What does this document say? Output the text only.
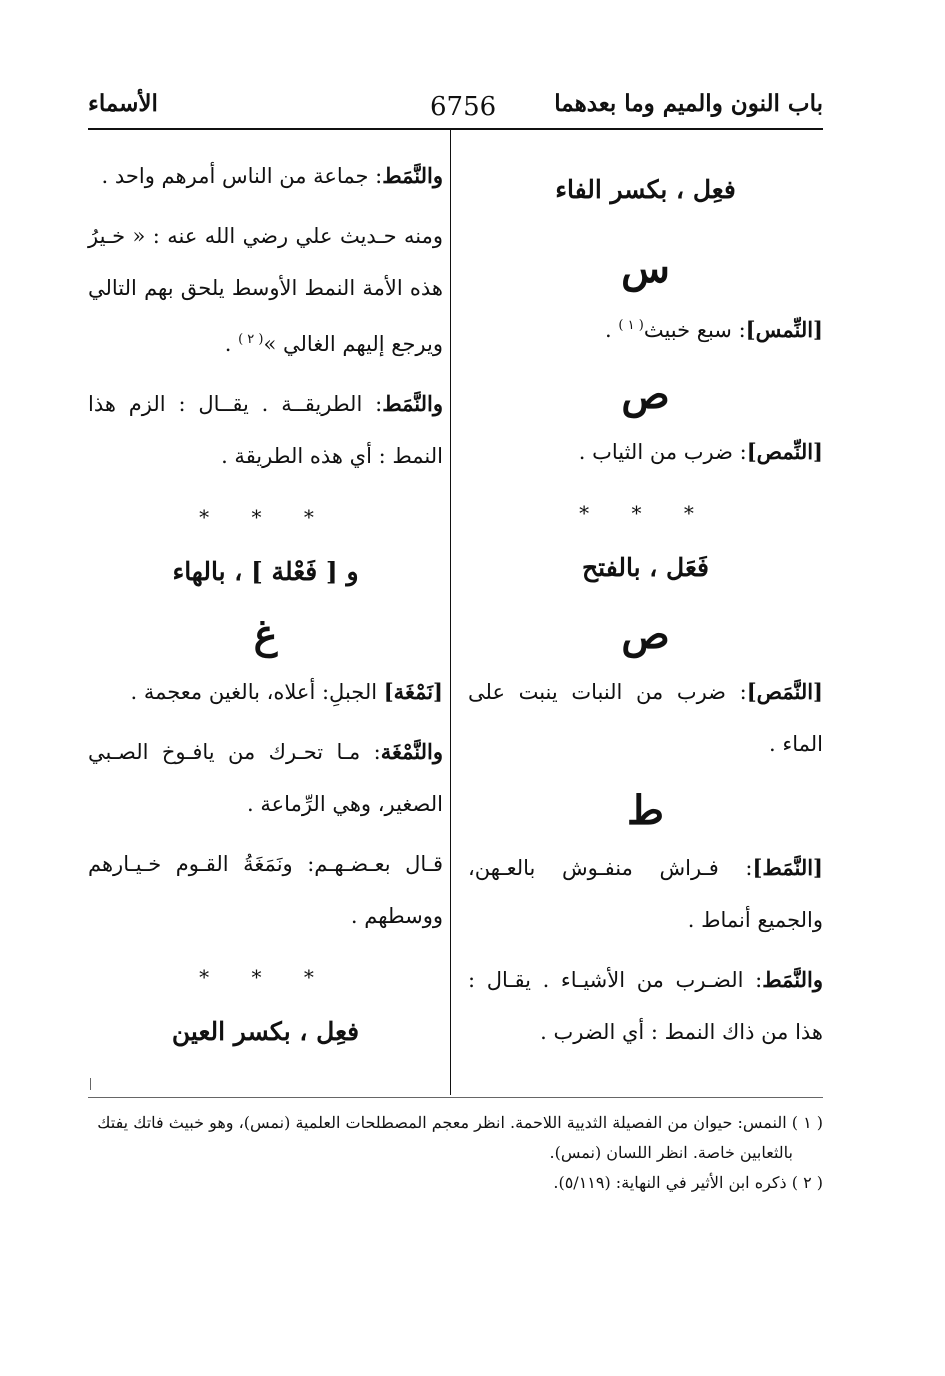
باب النون والميم وما بعدهما
6756
الأسماء
فعِل ، بكسر الفاء
س

[النِّمس]: سبع خبيث$^{( ١ )}$ .

ص

[النِّمص]: ضرب من الثياب .

* * *
فَعَل ، بالفتح
ص

[النَّمَص]: ضرب من النبات ينبت على الماء .

ط

[النَّمَط]: فـراش منفـوش بالعـهن، والجميع أنماط .

والنَّمَط: الضـرب من الأشيـاء . يقـال : هذا من ذاك النمط : أي الضرب .

والنَّمَط: جماعة من الناس أمرهم واحد .

ومنه حـديث علي رضي الله عنه : « خـيرُ هذه الأمة النمط الأوسط يلحق بهم التالي ويرجع إليهم الغالي »$^{( ٢ )}$ .

والنَّمَط: الطريقــة . يقــال : الزم هذا النمط : أي هذه الطريقة .

* * *
و [ فَعْلة ] ، بالهاء
غ

[نَمْغَة] الجبلِ: أعلاه، بالغين معجمة .

والنَّمْغَة: مـا تحـرك من يافـوخ الصـبي الصغير، وهي الرِّماعة .

قـال بعـضـهـم: ونَمَغَةُ القـوم خـيـارهم ووسطهم .

* * *
فعِل ، بكسر العين

( ١ ) النمس: حيوان من الفصيلة الثديية اللاحمة. انظر معجم المصطلحات العلمية (نمس)، وهو خبيث فاتك يفتك

بالثعابين خاصة. انظر اللسان (نمس).

( ٢ ) ذكره ابن الأثير في النهاية: (٥/١١٩).
